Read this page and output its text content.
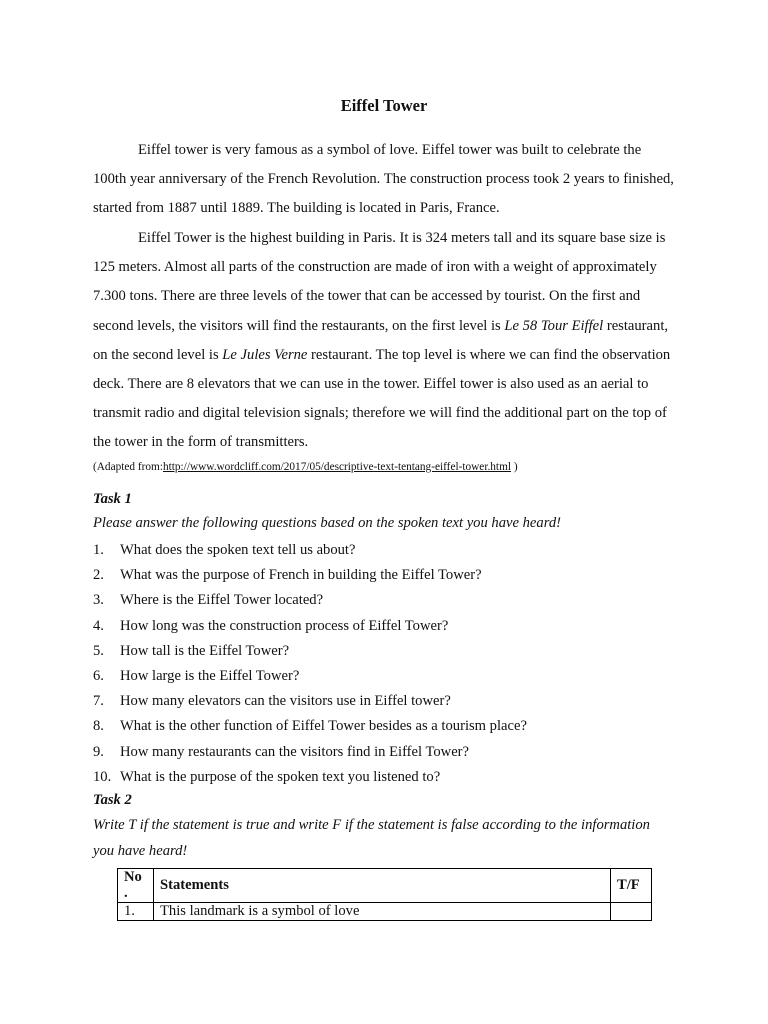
Eiffel Tower

Eiffel tower is very famous as a symbol of love. Eiffel tower was built to celebrate the 100th year anniversary of the French Revolution. The construction process took 2 years to finished, started from 1887 until 1889. The building is located in Paris, France.

Eiffel Tower is the highest building in Paris. It is 324 meters tall and its square base size is 125 meters. Almost all parts of the construction are made of iron with a weight of approximately 7.300 tons. There are three levels of the tower that can be accessed by tourist. On the first and second levels, the visitors will find the restaurants, on the first level is Le 58 Tour Eiffel restaurant, on the second level is Le Jules Verne restaurant. The top level is where we can find the observation deck. There are 8 elevators that we can use in the tower. Eiffel tower is also used as an aerial to transmit radio and digital television signals; therefore we will find the additional part on the top of the tower in the form of transmitters.

(Adapted from:http://www.wordcliff.com/2017/05/descriptive-text-tentang-eiffel-tower.html )
Task 1

Please answer the following questions based on the spoken text you have heard!

1. What does the spoken text tell us about?
2. What was the purpose of French in building the Eiffel Tower?
3. Where is the Eiffel Tower located?
4. How long was the construction process of Eiffel Tower?
5. How tall is the Eiffel Tower?
6. How large is the Eiffel Tower?
7. How many elevators can the visitors use in Eiffel tower?
8. What is the other function of Eiffel Tower besides as a tourism place?
9. How many restaurants can the visitors find in Eiffel Tower?
10. What is the purpose of the spoken text you listened to?
Task 2

Write T if the statement is true and write F if the statement is false according to the information you have heard!

No .	Statements	T/F
1.	This landmark is a symbol of love	
